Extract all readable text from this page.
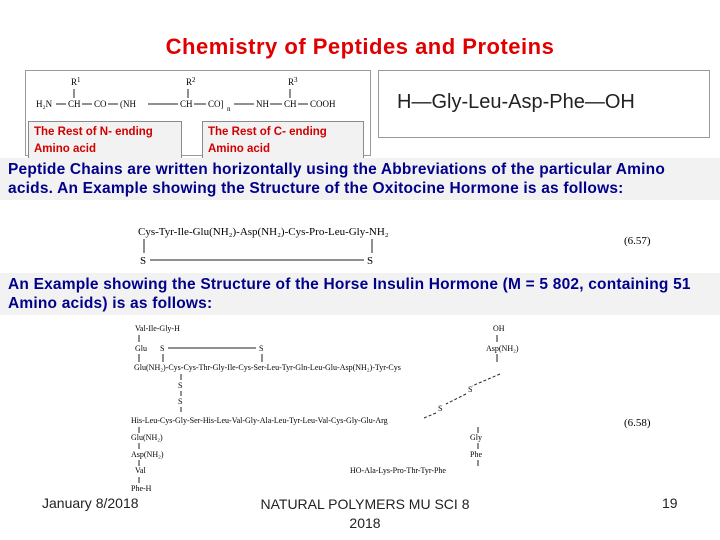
Chemistry of Peptides and Proteins
$R^1$	$R^2$	$R^3$
H₂N CH CO (NH	CH CO] n	NH CH COOH
The Rest of N- ending Amino acid
The Rest of C- ending Amino acid
H—Gly-Leu-Asp-Phe—OH
Peptide Chains are written horizontally using the Abbreviations of the particular Amino acids. An Example showing the Structure of the Oxitocine Hormone is as follows:
Cys-Tyr-Ile-Glu(NH₂)-Asp(NH₂)-Cys-Pro-Leu-Gly-NH₂
S	S
(6.57)
An Example showing the Structure of the Horse Insulin Hormone (M = 5 802, containing 51 Amino acids) is as follows:
Val-Ile-Gly-H	OH
Glu S	S	Asp(NH₂)
Glu(NH₂)-Cys-Cys-Thr-Gly-Ile-Cys-Ser-Leu-Tyr-Gln-Leu-Glu-Asp(NH₂)-Tyr-Cys
S
S
S
S
His-Leu-Cys-Gly-Ser-His-Leu-Val-Gly-Ala-Leu-Tyr-Leu-Val-Cys-Gly-Glu-Arg	(6.58)
Glu(NH₂)	Gly
Asp(NH₂)	Phe
Val	HO-Ala-Lys-Pro-Thr-Tyr-Phe
Phe-H
January 8/2018	NATURAL POLYMERS MU SCI 8 2018
19
